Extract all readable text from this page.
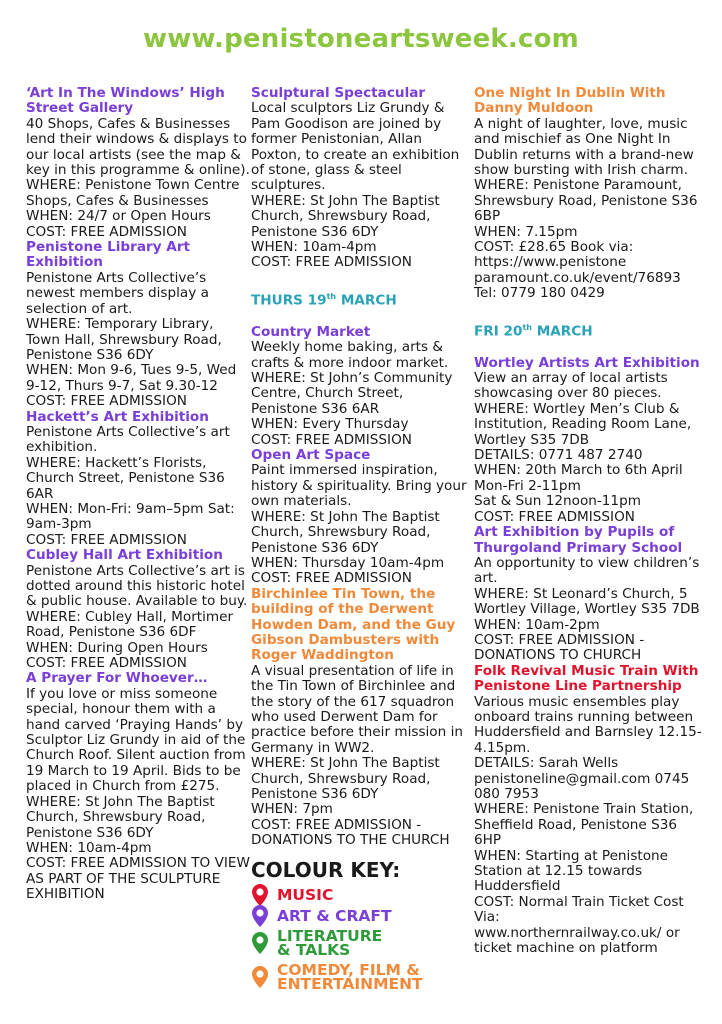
www.penistoneartsweek.com
‘Art In The Windows’ High Street Gallery
40 Shops, Cafes & Businesses lend their windows & displays to our local artists (see the map & key in this programme & online).
WHERE: Penistone Town Centre Shops, Cafes & Businesses
WHEN: 24/7 or Open Hours
COST: FREE ADMISSION
Penistone Library Art Exhibition
Penistone Arts Collective’s newest members display a selection of art.
WHERE: Temporary Library, Town Hall, Shrewsbury Road, Penistone S36 6DY
WHEN: Mon 9-6, Tues 9-5, Wed 9-12, Thurs 9-7, Sat 9.30-12
COST: FREE ADMISSION
Hackett’s Art Exhibition
Penistone Arts Collective’s art exhibition.
WHERE: Hackett’s Florists, Church Street, Penistone S36 6AR
WHEN: Mon-Fri: 9am–5pm Sat: 9am-3pm
COST: FREE ADMISSION
Cubley Hall Art Exhibition
Penistone Arts Collective’s art is dotted around this historic hotel & public house. Available to buy.
WHERE: Cubley Hall, Mortimer Road, Penistone S36 6DF
WHEN: During Open Hours
COST: FREE ADMISSION
A Prayer For Whoever…
If you love or miss someone special, honour them with a hand carved ‘Praying Hands’ by Sculptor Liz Grundy in aid of the Church Roof. Silent auction from 19 March to 19 April. Bids to be placed in Church from £275.
WHERE: St John The Baptist Church, Shrewsbury Road, Penistone S36 6DY
WHEN: 10am-4pm
COST: FREE ADMISSION TO VIEW AS PART OF THE SCULPTURE EXHIBITION
Sculptural Spectacular
Local sculptors Liz Grundy & Pam Goodison are joined by former Penistonian, Allan Poxton, to create an exhibition of stone, glass & steel sculptures.
WHERE: St John The Baptist Church, Shrewsbury Road, Penistone S36 6DY
WHEN: 10am-4pm
COST: FREE ADMISSION
THURS 19th MARCH
Country Market
Weekly home baking, arts & crafts & more indoor market.
WHERE: St John’s Community Centre, Church Street, Penistone S36 6AR
WHEN: Every Thursday
COST: FREE ADMISSION
Open Art Space
Paint immersed inspiration, history & spirituality. Bring your own materials.
WHERE: St John The Baptist Church, Shrewsbury Road, Penistone S36 6DY
WHEN: Thursday 10am-4pm
COST: FREE ADMISSION
Birchinlee Tin Town, the building of the Derwent Howden Dam, and the Guy Gibson Dambusters with Roger Waddington
A visual presentation of life in the Tin Town of Birchinlee and the story of the 617 squadron who used Derwent Dam for practice before their mission in Germany in WW2.
WHERE: St John The Baptist Church, Shrewsbury Road, Penistone S36 6DY
WHEN: 7pm
COST: FREE ADMISSION - DONATIONS TO THE CHURCH
COLOUR KEY:
MUSIC
ART & CRAFT
LITERATURE
& TALKS
COMEDY, FILM &
ENTERTAINMENT
One Night In Dublin With Danny Muldoon
A night of laughter, love, music and mischief as One Night In Dublin returns with a brand-new show bursting with Irish charm.
WHERE: Penistone Paramount, Shrewsbury Road, Penistone S36 6BP
WHEN: 7.15pm
COST: £28.65 Book via: https://www.penistone paramount.co.uk/event/76893 Tel: 0779 180 0429
FRI 20th MARCH
Wortley Artists Art Exhibition
View an array of local artists showcasing over 80 pieces.
WHERE: Wortley Men’s Club & Institution, Reading Room Lane, Wortley S35 7DB
DETAILS: 0771 487 2740
WHEN: 20th March to 6th April Mon-Fri 2-11pm
Sat & Sun 12noon-11pm
COST: FREE ADMISSION
Art Exhibition by Pupils of Thurgoland Primary School
An opportunity to view children’s art.
WHERE: St Leonard’s Church, 5 Wortley Village, Wortley S35 7DB
WHEN: 10am-2pm
COST: FREE ADMISSION - DONATIONS TO CHURCH
Folk Revival Music Train With Penistone Line Partnership
Various music ensembles play onboard trains running between Huddersfield and Barnsley 12.15-4.15pm.
DETAILS: Sarah Wells penistoneline@gmail.com 0745 080 7953
WHERE: Penistone Train Station, Sheffield Road, Penistone S36 6HP
WHEN: Starting at Penistone Station at 12.15 towards Huddersfield
COST: Normal Train Ticket Cost Via:
www.northernrailway.co.uk/ or ticket machine on platform
